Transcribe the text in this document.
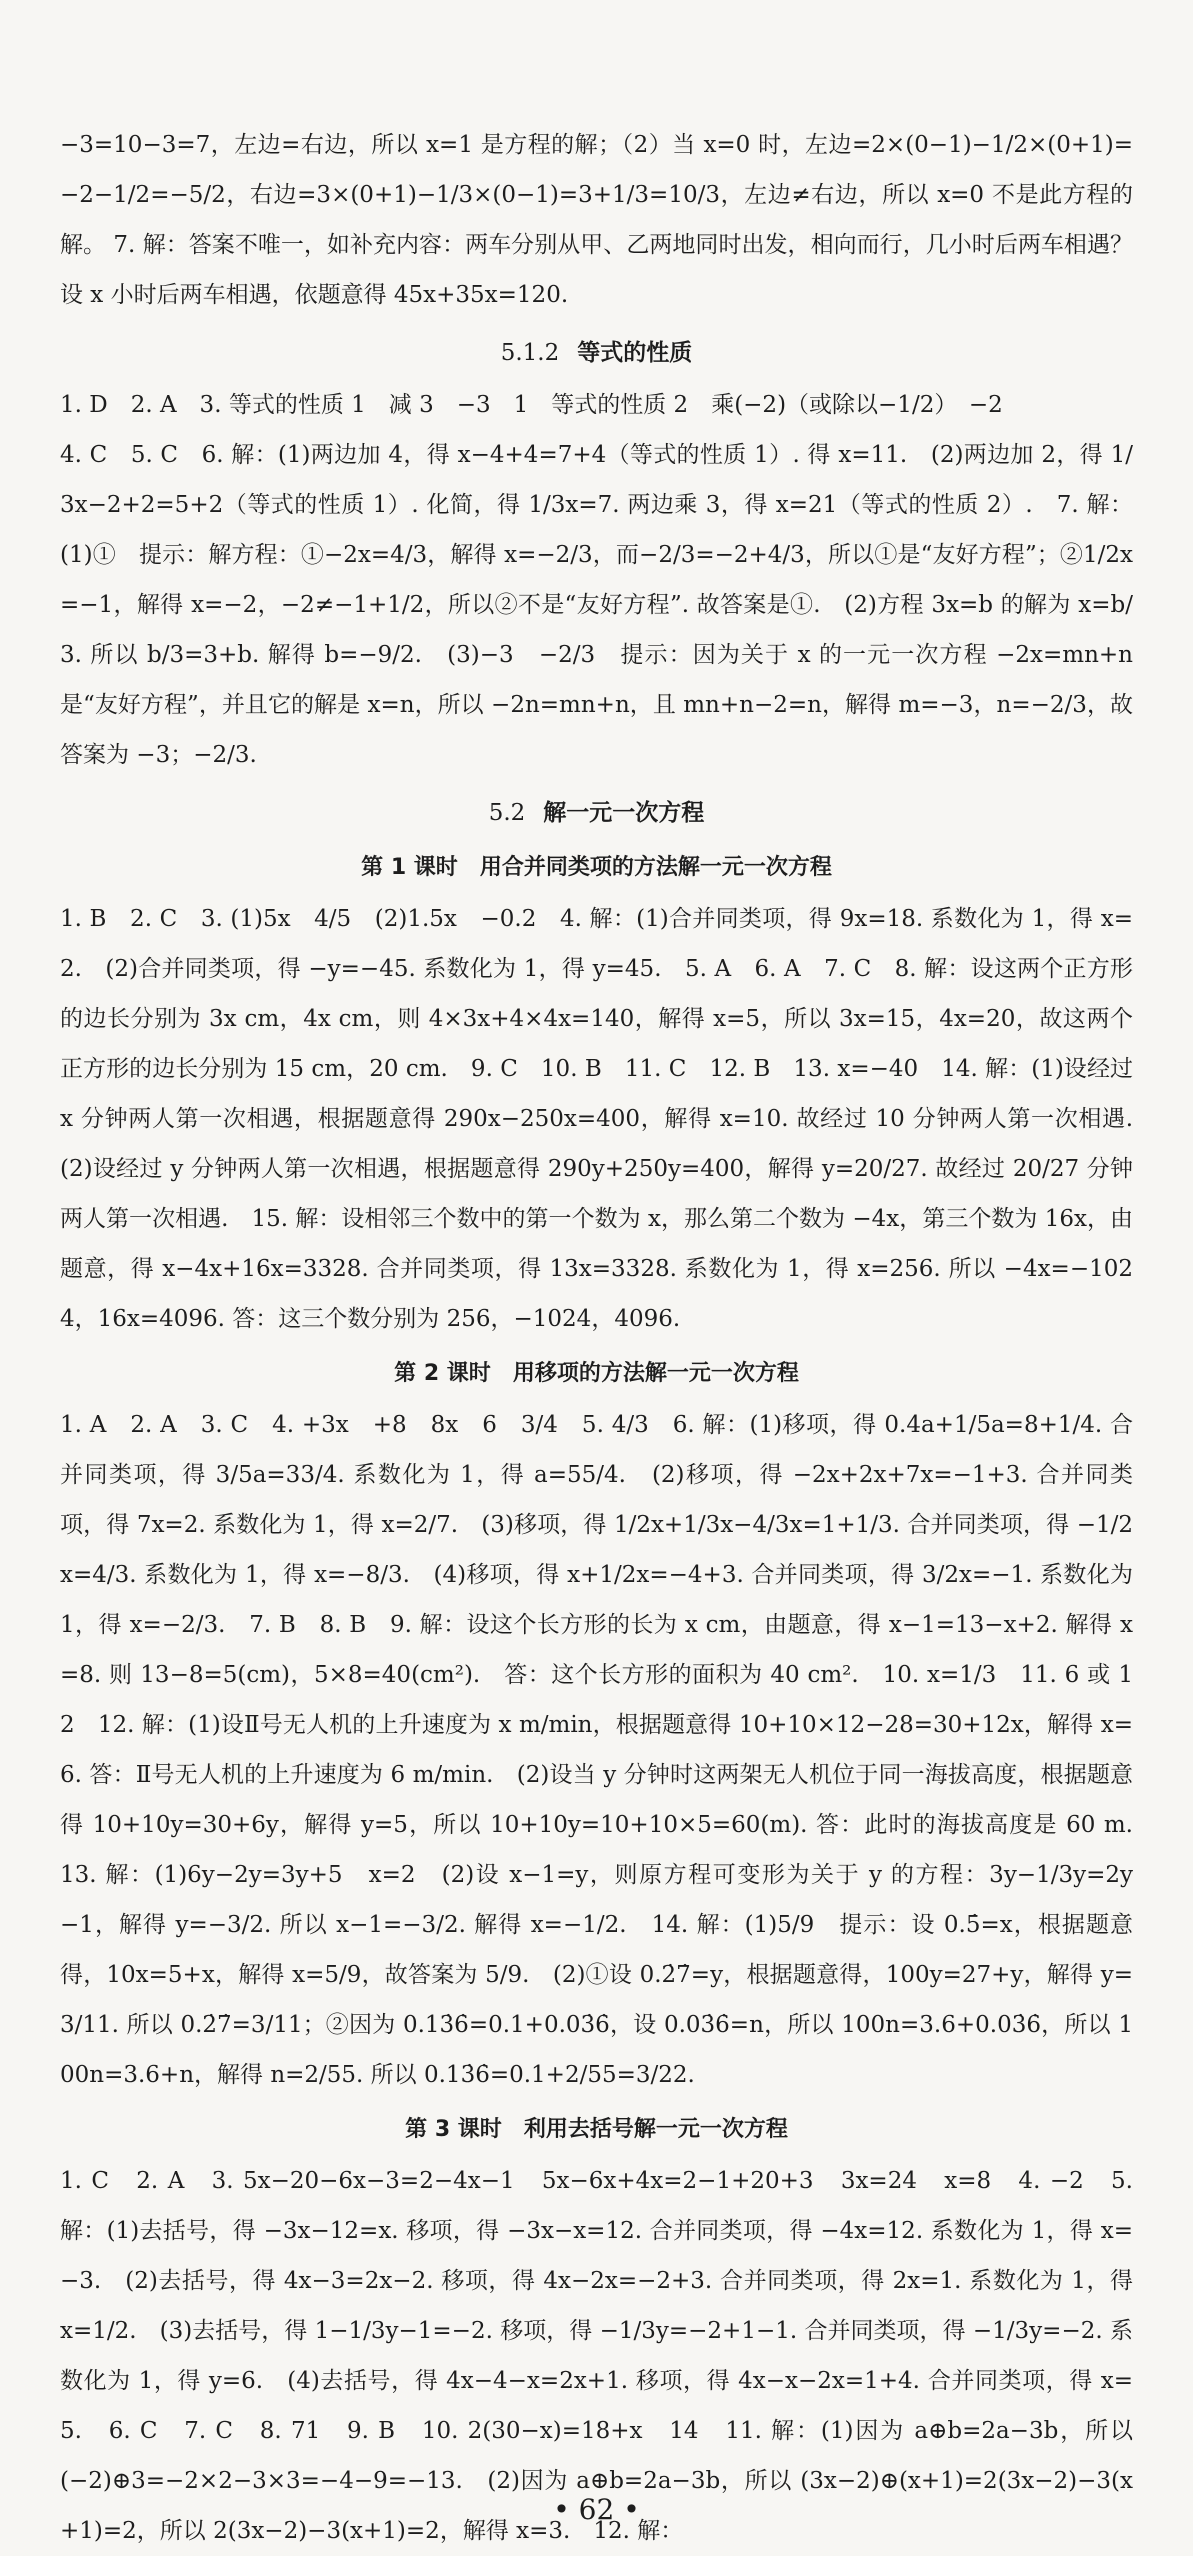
−3=10−3=7，左边=右边，所以 x=1 是方程的解；（2）当 x=0 时，左边=2×(0−1)−1/2×(0+1)=−2−1/2=−5/2，右边=3×(0+1)−1/3×(0−1)=3+1/3=10/3，左边≠右边，所以 x=0 不是此方程的解。 7. 解：答案不唯一，如补充内容：两车分别从甲、乙两地同时出发，相向而行，几小时后两车相遇？设 x 小时后两车相遇，依题意得 45x+35x=120.

5.1.2 等式的性质

1. D　2. A　3. 等式的性质 1　减 3　−3　1　等式的性质 2　乘(−2)（或除以−1/2）　−2

4. C　5. C　6. 解：(1)两边加 4，得 x−4+4=7+4（等式的性质 1）. 得 x=11.　(2)两边加 2，得 1/3x−2+2=5+2（等式的性质 1）. 化简，得 1/3x=7. 两边乘 3，得 x=21（等式的性质 2）.　7. 解：(1)①　提示：解方程：①−2x=4/3，解得 x=−2/3，而−2/3=−2+4/3，所以①是“友好方程”；②1/2x=−1，解得 x=−2，−2≠−1+1/2，所以②不是“友好方程”. 故答案是①.　(2)方程 3x=b 的解为 x=b/3. 所以 b/3=3+b. 解得 b=−9/2.　(3)−3　−2/3　提示：因为关于 x 的一元一次方程 −2x=mn+n 是“友好方程”，并且它的解是 x=n，所以 −2n=mn+n，且 mn+n−2=n，解得 m=−3，n=−2/3，故答案为 −3；−2/3.

5.2 解一元一次方程
第 1 课时 用合并同类项的方法解一元一次方程

1. B　2. C　3. (1)5x　4/5　(2)1.5x　−0.2　4. 解：(1)合并同类项，得 9x=18. 系数化为 1，得 x=2.　(2)合并同类项，得 −y=−45. 系数化为 1，得 y=45.　5. A　6. A　7. C　8. 解：设这两个正方形的边长分别为 3x cm，4x cm，则 4×3x+4×4x=140，解得 x=5，所以 3x=15，4x=20，故这两个正方形的边长分别为 15 cm，20 cm.　9. C　10. B　11. C　12. B　13. x=−40　14. 解：(1)设经过 x 分钟两人第一次相遇，根据题意得 290x−250x=400，解得 x=10. 故经过 10 分钟两人第一次相遇.　(2)设经过 y 分钟两人第一次相遇，根据题意得 290y+250y=400，解得 y=20/27. 故经过 20/27 分钟两人第一次相遇.　15. 解：设相邻三个数中的第一个数为 x，那么第二个数为 −4x，第三个数为 16x，由题意，得 x−4x+16x=3328. 合并同类项，得 13x=3328. 系数化为 1，得 x=256. 所以 −4x=−1024，16x=4096. 答：这三个数分别为 256，−1024，4096.

第 2 课时 用移项的方法解一元一次方程

1. A　2. A　3. C　4. +3x　+8　8x　6　3/4　5. 4/3　6. 解：(1)移项，得 0.4a+1/5a=8+1/4. 合并同类项，得 3/5a=33/4. 系数化为 1，得 a=55/4.　(2)移项，得 −2x+2x+7x=−1+3. 合并同类项，得 7x=2. 系数化为 1，得 x=2/7.　(3)移项，得 1/2x+1/3x−4/3x=1+1/3. 合并同类项，得 −1/2x=4/3. 系数化为 1，得 x=−8/3.　(4)移项，得 x+1/2x=−4+3. 合并同类项，得 3/2x=−1. 系数化为 1，得 x=−2/3.　7. B　8. B　9. 解：设这个长方形的长为 x cm，由题意，得 x−1=13−x+2. 解得 x=8. 则 13−8=5(cm)，5×8=40(cm²).　答：这个长方形的面积为 40 cm².　10. x=1/3　11. 6 或 12　12. 解：(1)设Ⅱ号无人机的上升速度为 x m/min，根据题意得 10+10×12−28=30+12x，解得 x=6. 答：Ⅱ号无人机的上升速度为 6 m/min.　(2)设当 y 分钟时这两架无人机位于同一海拔高度，根据题意得 10+10y=30+6y，解得 y=5，所以 10+10y=10+10×5=60(m). 答：此时的海拔高度是 60 m.　13. 解：(1)6y−2y=3y+5　x=2　(2)设 x−1=y，则原方程可变形为关于 y 的方程：3y−1/3y=2y−1，解得 y=−3/2. 所以 x−1=−3/2. 解得 x=−1/2.　14. 解：(1)5/9　提示：设 0.5̇=x，根据题意得，10x=5+x，解得 x=5/9，故答案为 5/9.　(2)①设 0.2̇7̇=y，根据题意得，100y=27+y，解得 y=3/11. 所以 0.2̇7̇=3/11；②因为 0.13̇6̇=0.1+0.03̇6̇，设 0.03̇6̇=n，所以 100n=3.6+0.03̇6̇，所以 100n=3.6+n，解得 n=2/55. 所以 0.13̇6̇=0.1+2/55=3/22.

第 3 课时 利用去括号解一元一次方程

1. C　2. A　3. 5x−20−6x−3=2−4x−1　5x−6x+4x=2−1+20+3　3x=24　x=8　4. −2　5. 解：(1)去括号，得 −3x−12=x. 移项，得 −3x−x=12. 合并同类项，得 −4x=12. 系数化为 1，得 x=−3.　(2)去括号，得 4x−3=2x−2. 移项，得 4x−2x=−2+3. 合并同类项，得 2x=1. 系数化为 1，得 x=1/2.　(3)去括号，得 1−1/3y−1=−2. 移项，得 −1/3y=−2+1−1. 合并同类项，得 −1/3y=−2. 系数化为 1，得 y=6.　(4)去括号，得 4x−4−x=2x+1. 移项，得 4x−x−2x=1+4. 合并同类项，得 x=5.　6. C　7. C　8. 71　9. B　10. 2(30−x)=18+x　14　11. 解：(1)因为 a⊕b=2a−3b，所以 (−2)⊕3=−2×2−3×3=−4−9=−13.　(2)因为 a⊕b=2a−3b，所以 (3x−2)⊕(x+1)=2(3x−2)−3(x+1)=2，所以 2(3x−2)−3(x+1)=2，解得 x=3.　12. 解：

• 62 •
